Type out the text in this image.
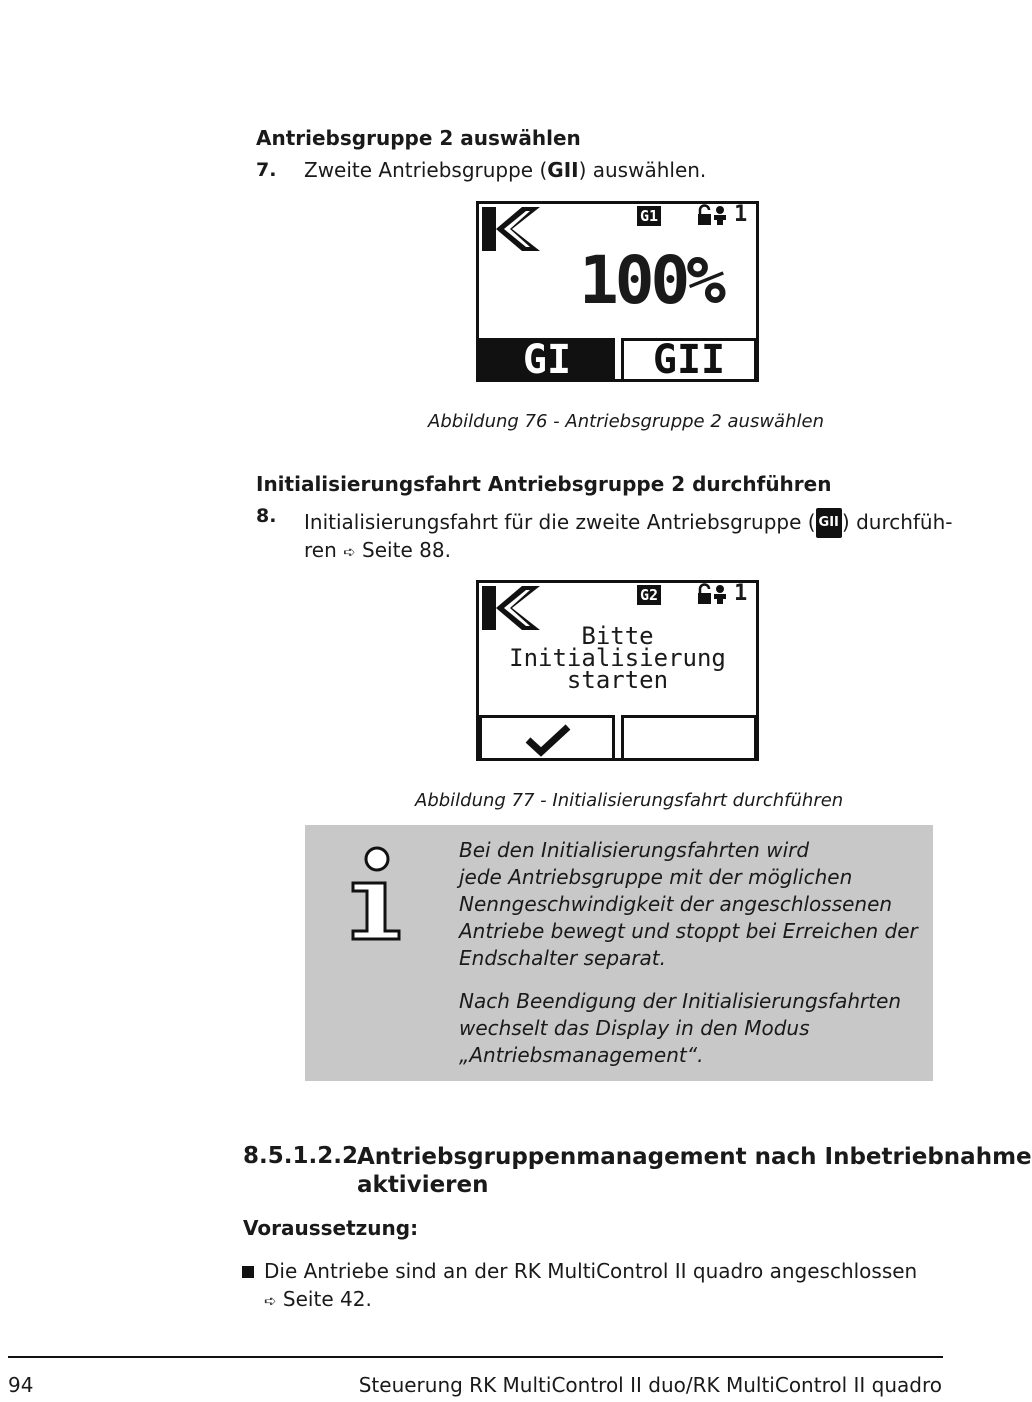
Antriebsgruppe 2 auswählen
7. Zweite Antriebsgruppe (GII) auswählen.
G1	1
100%
GI	GII
Abbildung 76 - Antriebsgruppe 2 auswählen
Initialisierungsfahrt Antriebsgruppe 2 durchführen
8. Initialisierungsfahrt für die zweite Antriebsgruppe ( GII ) durchfüh-
ren ➪ Seite 88.
G2	1
Bitte
Initialisierung
starten
Abbildung 77 - Initialisierungsfahrt durchführen
Bei den Initialisierungsfahrten wird
jede Antriebsgruppe mit der möglichen
Nenngeschwindigkeit der angeschlossenen
Antriebe bewegt und stoppt bei Erreichen der
Endschalter separat.
Nach Beendigung der Initialisierungsfahrten
wechselt das Display in den Modus
„Antriebsmanagement“.
8.5.1.2.2 Antriebsgruppenmanagement nach Inbetriebnahme
aktivieren
Voraussetzung:
Die Antriebe sind an der RK MultiControl II quadro angeschlossen
➪ Seite 42.
94	Steuerung RK MultiControl II duo/RK MultiControl II quadro
